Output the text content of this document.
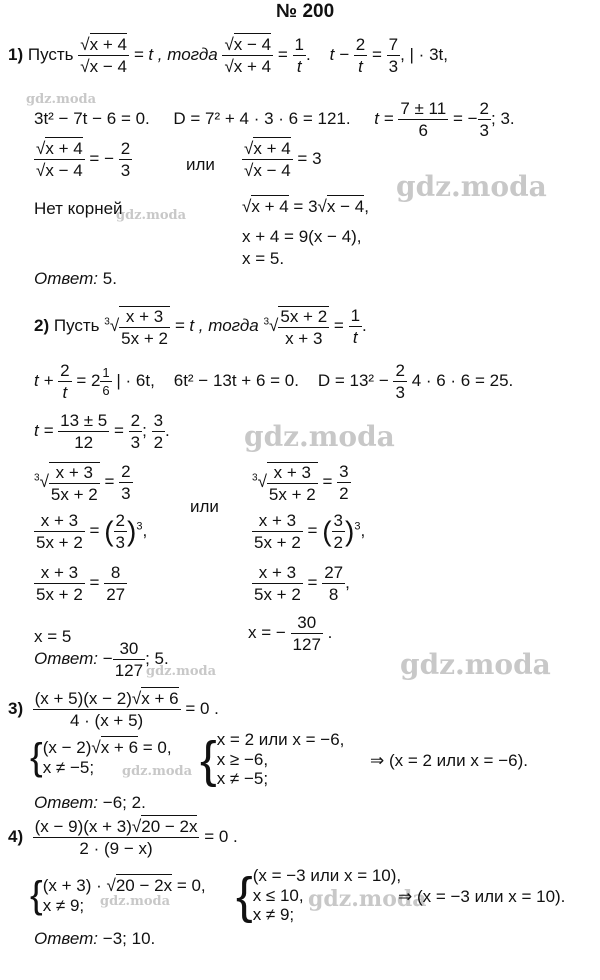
№ 200
gdz.moda
gdz.moda
gdz.moda
gdz.moda
gdz.moda
gdz.moda
gdz.moda
gdz.moda
gdz.moda
1) Пусть $\frac{√x + 4}{√x - 4} = t$ , тогда $\frac{√x - 4}{√x + 4} = \frac{1}{t}$ . $t - \frac{2}{t} = \frac{7}{3}$ , | · 3t,
3t² − 7t − 6 = 0. D = 7² + 4 · 3 · 6 = 121. $t = \frac{7 \pm 11}{6}$ = − $\frac{2}{3}$ ; 3.
$\frac{√x + 4}{√x - 4}$ = − $\frac{2}{3}$	или $\frac{√x + 4}{√x - 4} = 3$
Нет корней	√x + 4 = 3√x − 4,
x + 4 = 9(x − 4),
x = 5.
Ответ: 5.
2) Пусть $^3√ \frac{x + 3}{5x + 2} = t$ , тогда $^3√ \frac{5x + 2}{x + 3} = \frac{1}{t}$ .
$t + \frac{2}{t} = 2 \frac{1}{6}$ | · 6t, 6t² − 13t + 6 = 0. $D = 13^2 - \frac{2}{3} 4 \cdot 6 \cdot 6 = 25$.
$t = \frac{13 \pm 5}{12} = \frac{2}{3}$ ; $\frac{3}{2}$ .
$^3√ \frac{x + 3}{5x + 2} = \frac{2}{3}$
$\frac{x + 3}{5x + 2}$ = ( $\frac{2}{3} )^3$,
$\frac{x + 3}{5x + 2} = \frac{8}{27}$
или
$^3√ \frac{x + 3}{5x + 2} = \frac{3}{2}$
$\frac{x + 3}{5x + 2}$ = ( $\frac{3}{2} )^3$,
$\frac{x + 3}{5x + 2} = \frac{27}{8}$ ,
x = 5	x = − $\frac{30}{127}$ .
Ответ: − $\frac{30}{127}$ ; 5.
$3) \frac{(x + 5)(x - 2)√x + 6}{4 \cdot (x + 5)} = 0$ .
{(x − 2)√x + 6 = 0,
x ≠ −5;	{x = 2 или x = −6,
x ≥ −6,
x ≠ −5;
⇒ (x = 2 или x = −6).
Ответ: −6; 2.
$4) \frac{(x - 9)(x + 3)√20 - 2x}{2 \cdot (9 - x)} = 0$ .
{(x + 3) · √20 − 2x = 0,
x ≠ 9;	{(x = −3 или x = 10),
x ≤ 10,
x ≠ 9;
⇒ (x = −3 или x = 10).
Ответ: −3; 10.
